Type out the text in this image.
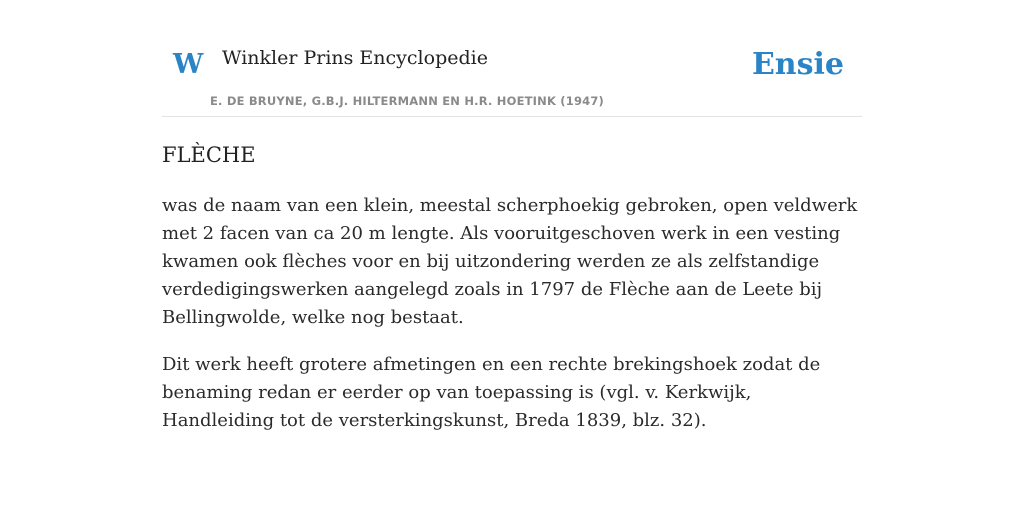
W Winkler Prins Encyclopedie
E. DE BRUYNE, G.B.J. HILTERMANN EN H.R. HOETINK (1947)
Ensie
FLÈCHE

was de naam van een klein, meestal scherphoekig gebroken, open veldwerk met 2 facen van ca 20 m lengte. Als vooruitgeschoven werk in een vesting kwamen ook flèches voor en bij uitzondering werden ze als zelfstandige verdedigingswerken aangelegd zoals in 1797 de Flèche aan de Leete bij Bellingwolde, welke nog bestaat.

Dit werk heeft grotere afmetingen en een rechte brekingshoek zodat de benaming redan er eerder op van toepassing is (vgl. v. Kerkwijk, Handleiding tot de versterkingskunst, Breda 1839, blz. 32).
